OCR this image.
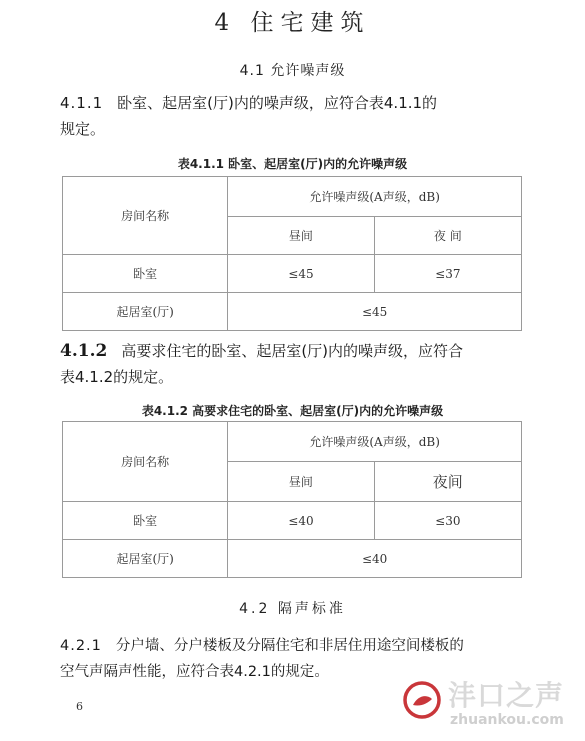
4 住宅建筑
4.1 允许噪声级
4.1.1 卧室、起居室(厅)内的噪声级，应符合表4.1.1的
规定。
表4.1.1 卧室、起居室(厅)内的允许噪声级
房间名称	允许噪声级(A声级，dB)	
	昼间	夜 间
卧室	≤45	≤37
起居室(厅)	≤45	
4.1.2 高要求住宅的卧室、起居室(厅)内的噪声级，应符合
表4.1.2的规定。
表4.1.2 高要求住宅的卧室、起居室(厅)内的允许噪声级
房间名称	允许噪声级(A声级，dB)	
	昼间	夜间
卧室	≤40	≤30
起居室(厅)	≤40	
4.2 隔声标准
4.2.1 分户墙、分户楼板及分隔住宅和非居住用途空间楼板的
空气声隔声性能，应符合表4.2.1的规定。
6	沣口之声
zhuankou.com
